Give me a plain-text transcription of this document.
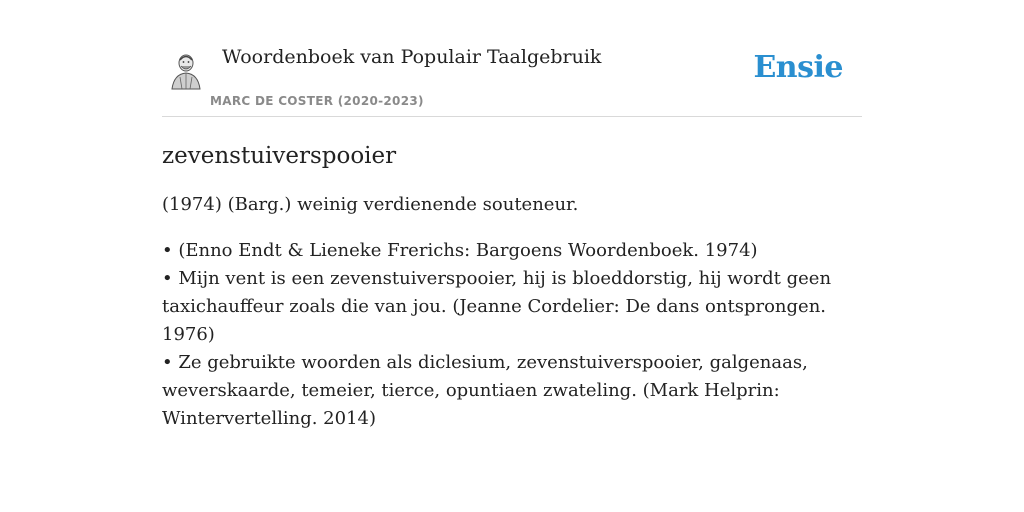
Woordenboek van Populair Taalgebruik
MARC DE COSTER (2020-2023)
Ensie
zevenstuiverspooier

(1974) (Barg.) weinig verdienende souteneur.

• (Enno Endt & Lieneke Frerichs: Bargoens Woordenboek. 1974)
• Mijn vent is een zevenstuiverspooier, hij is bloeddorstig, hij wordt geen taxichauffeur zoals die van jou. (Jeanne Cordelier: De dans ontsprongen. 1976)
• Ze gebruikte woorden als diclesium, zevenstuiverspooier, galgenaas, weverskaarde, temeier, tierce, opuntiaen zwateling. (Mark Helprin: Wintervertelling. 2014)
